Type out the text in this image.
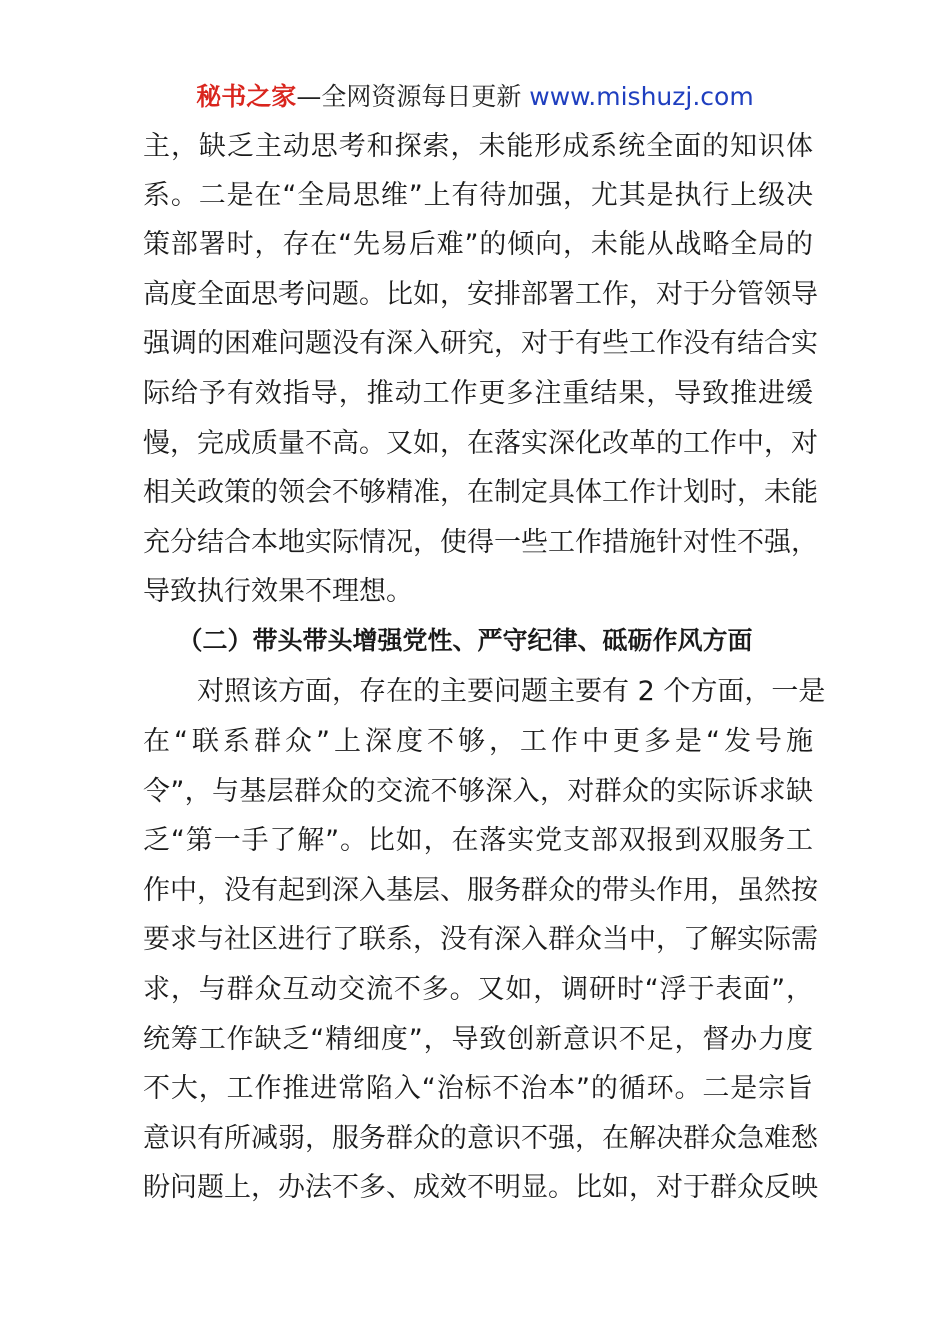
秘书之家—全网资源每日更新 www.mishuzj.com
主，缺乏主动思考和探索，未能形成系统全面的知识体
系。二是在“全局思维”上有待加强，尤其是执行上级决
策部署时，存在“先易后难”的倾向，未能从战略全局的
高度全面思考问题。比如，安排部署工作，对于分管领导
强调的困难问题没有深入研究，对于有些工作没有结合实
际给予有效指导，推动工作更多注重结果，导致推进缓
慢，完成质量不高。又如，在落实深化改革的工作中，对
相关政策的领会不够精准，在制定具体工作计划时，未能
充分结合本地实际情况，使得一些工作措施针对性不强，
导致执行效果不理想。
（二）带头带头增强党性、严守纪律、砥砺作风方面
对照该方面，存在的主要问题主要有 2 个方面，一是
在“联系群众”上深度不够，工作中更多是“发号施
令”，与基层群众的交流不够深入，对群众的实际诉求缺
乏“第一手了解”。比如，在落实党支部双报到双服务工
作中，没有起到深入基层、服务群众的带头作用，虽然按
要求与社区进行了联系，没有深入群众当中，了解实际需
求，与群众互动交流不多。又如，调研时“浮于表面”，
统筹工作缺乏“精细度”，导致创新意识不足，督办力度
不大，工作推进常陷入“治标不治本”的循环。二是宗旨
意识有所减弱，服务群众的意识不强，在解决群众急难愁
盼问题上，办法不多、成效不明显。比如，对于群众反映
